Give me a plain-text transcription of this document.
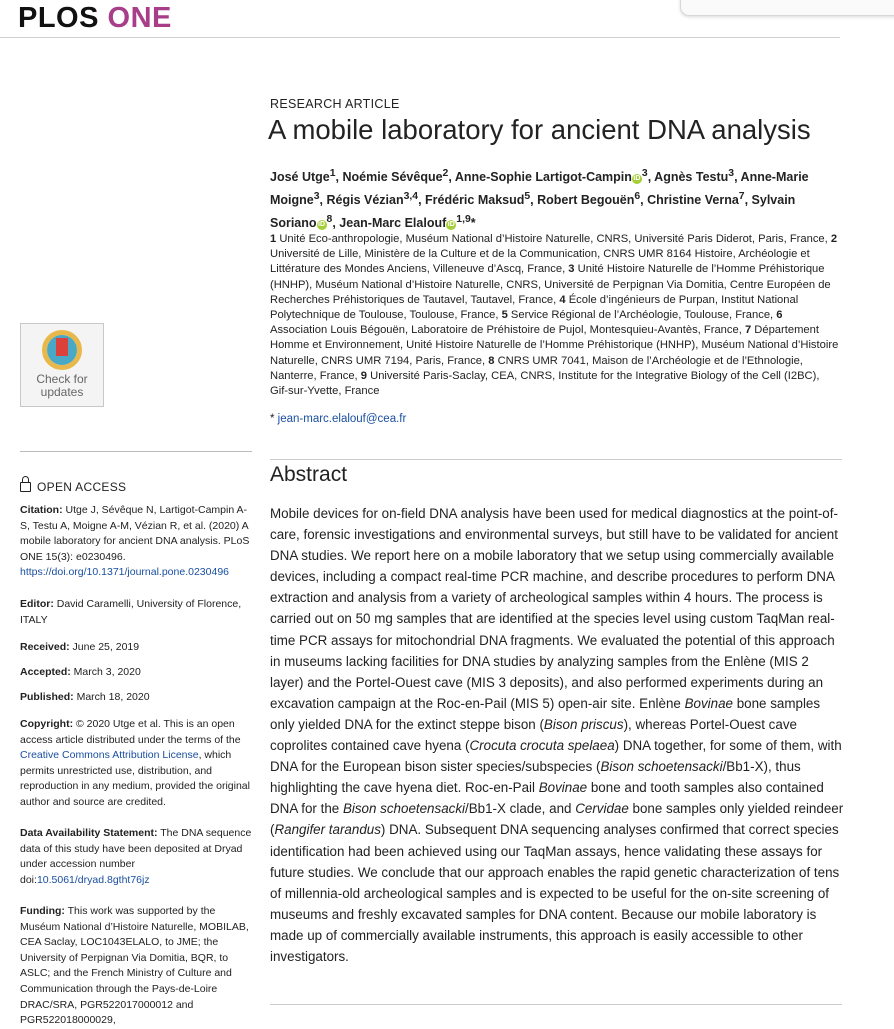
PLOS ONE
RESEARCH ARTICLE
A mobile laboratory for ancient DNA analysis
José Utge$^1$, Noémie Sévêque$^2$, Anne-Sophie Lartigot-Campin iD $^3$, Agnès Testu$^3$, Anne-Marie Moigne$^3$, Régis Vézian$^{3,4}$, Frédéric Maksud$^5$, Robert Begouën$^6$, Christine Verna$^7$, Sylvain Soriano iD $^8$, Jean-Marc Elalouf iD $^{1,9}$*
1 Unité Eco-anthropologie, Muséum National d’Histoire Naturelle, CNRS, Université Paris Diderot, Paris, France, 2 Université de Lille, Ministère de la Culture et de la Communication, CNRS UMR 8164 Histoire, Archéologie et Littérature des Mondes Anciens, Villeneuve d’Ascq, France, 3 Unité Histoire Naturelle de l’Homme Préhistorique (HNHP), Muséum National d’Histoire Naturelle, CNRS, Université de Perpignan Via Domitia, Centre Européen de Recherches Préhistoriques de Tautavel, Tautavel, France, 4 École d’ingénieurs de Purpan, Institut National Polytechnique de Toulouse, Toulouse, France, 5 Service Régional de l’Archéologie, Toulouse, France, 6 Association Louis Bégouën, Laboratoire de Préhistoire de Pujol, Montesquieu-Avantès, France, 7 Département Homme et Environnement, Unité Histoire Naturelle de l’Homme Préhistorique (HNHP), Muséum National d’Histoire Naturelle, CNRS UMR 7194, Paris, France, 8 CNRS UMR 7041, Maison de l’Archéologie et de l’Ethnologie, Nanterre, France, 9 Université Paris-Saclay, CEA, CNRS, Institute for the Integrative Biology of the Cell (I2BC), Gif-sur-Yvette, France
* jean-marc.elalouf@cea.fr
Check for
updates
OPEN ACCESS
Citation: Utge J, Sévêque N, Lartigot-Campin A-S, Testu A, Moigne A-M, Vézian R, et al. (2020) A mobile laboratory for ancient DNA analysis. PLoS ONE 15(3): e0230496. https://doi.org/10.1371/journal.pone.0230496
Editor: David Caramelli, University of Florence, ITALY
Received: June 25, 2019
Accepted: March 3, 2020
Published: March 18, 2020
Copyright: © 2020 Utge et al. This is an open access article distributed under the terms of the Creative Commons Attribution License, which permits unrestricted use, distribution, and reproduction in any medium, provided the original author and source are credited.
Data Availability Statement: The DNA sequence data of this study have been deposited at Dryad under accession number doi:10.5061/dryad.8gtht76jz
Funding: This work was supported by the Muséum National d’Histoire Naturelle, MOBILAB, CEA Saclay, LOC1043ELALO, to JME; the University of Perpignan Via Domitia, BQR, to ASLC; and the French Ministry of Culture and Communication through the Pays-de-Loire DRAC/SRA, PGR522017000012 and PGR522018000029,
Abstract
Mobile devices for on-field DNA analysis have been used for medical diagnostics at the point-of-care, forensic investigations and environmental surveys, but still have to be validated for ancient DNA studies. We report here on a mobile laboratory that we setup using commercially available devices, including a compact real-time PCR machine, and describe procedures to perform DNA extraction and analysis from a variety of archeological samples within 4 hours. The process is carried out on 50 mg samples that are identified at the species level using custom TaqMan real-time PCR assays for mitochondrial DNA fragments. We evaluated the potential of this approach in museums lacking facilities for DNA studies by analyzing samples from the Enlène (MIS 2 layer) and the Portel-Ouest cave (MIS 3 deposits), and also performed experiments during an excavation campaign at the Roc-en-Pail (MIS 5) open-air site. Enlène Bovinae bone samples only yielded DNA for the extinct steppe bison (Bison priscus), whereas Portel-Ouest cave coprolites contained cave hyena (Crocuta crocuta spelaea) DNA together, for some of them, with DNA for the European bison sister species/subspecies (Bison schoetensacki/Bb1-X), thus highlighting the cave hyena diet. Roc-en-Pail Bovinae bone and tooth samples also contained DNA for the Bison schoetensacki/Bb1-X clade, and Cervidae bone samples only yielded reindeer (Rangifer tarandus) DNA. Subsequent DNA sequencing analyses confirmed that correct species identification had been achieved using our TaqMan assays, hence validating these assays for future studies. We conclude that our approach enables the rapid genetic characterization of tens of millennia-old archeological samples and is expected to be useful for the on-site screening of museums and freshly excavated samples for DNA content. Because our mobile laboratory is made up of commercially available instruments, this approach is easily accessible to other investigators.
